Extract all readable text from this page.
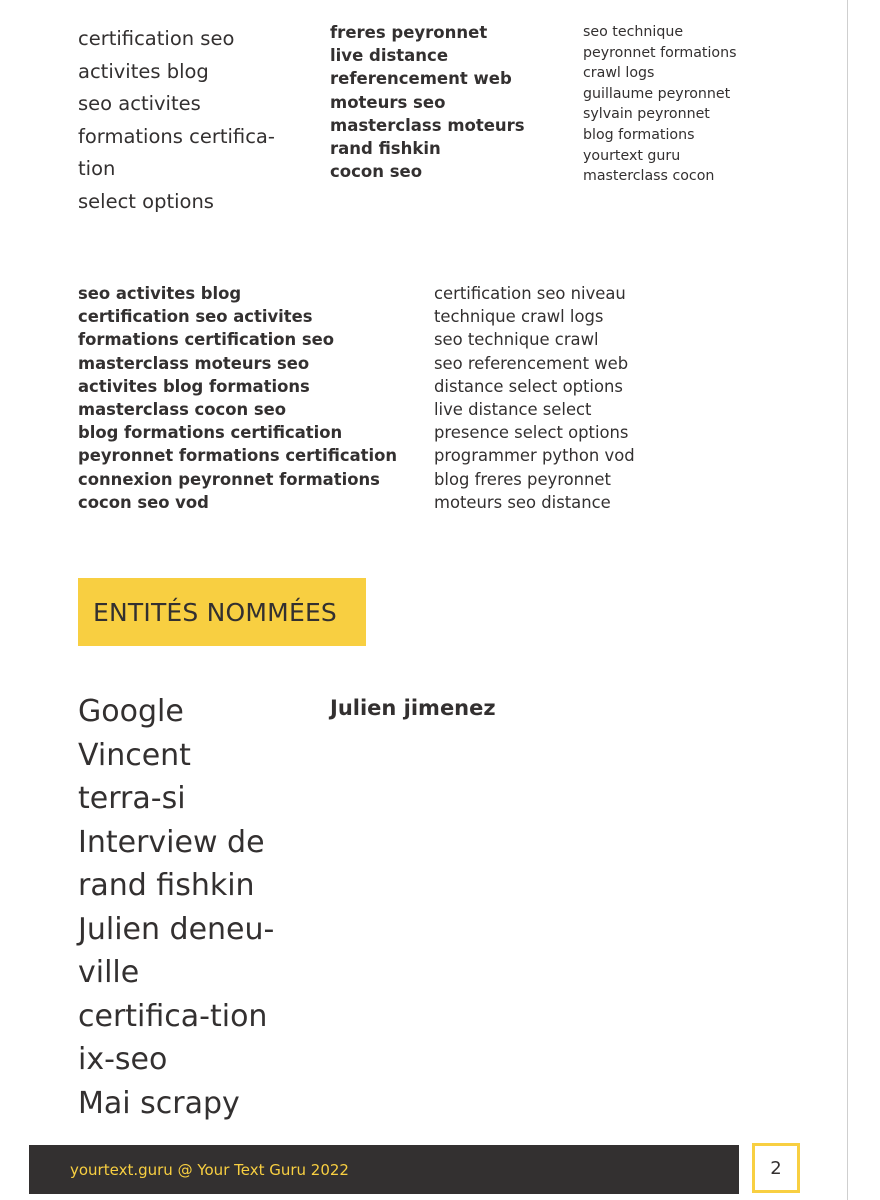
certification seo
activites blog
seo activites
formations certifica-tion
select options
freres peyronnet
live distance
referencement web
moteurs seo
masterclass moteurs
rand fishkin
cocon seo
seo technique
peyronnet formations
crawl logs
guillaume peyronnet
sylvain peyronnet
blog formations
yourtext guru
masterclass cocon
seo activites blog
certification seo activites
formations certification seo
masterclass moteurs seo
activites blog formations
masterclass cocon seo
blog formations certification
peyronnet formations certification
connexion peyronnet formations
cocon seo vod
certification seo niveau
technique crawl logs
seo technique crawl
seo referencement web
distance select options
live distance select
presence select options
programmer python vod
blog freres peyronnet
moteurs seo distance
ENTITÉS NOMMÉES
Google
Vincent terra-si
Interview de rand fishkin
Julien deneu-ville certifica-tion ix-seo
Mai scrapy
Julien jimenez
yourtext.guru @ Your Text Guru 2022	2
